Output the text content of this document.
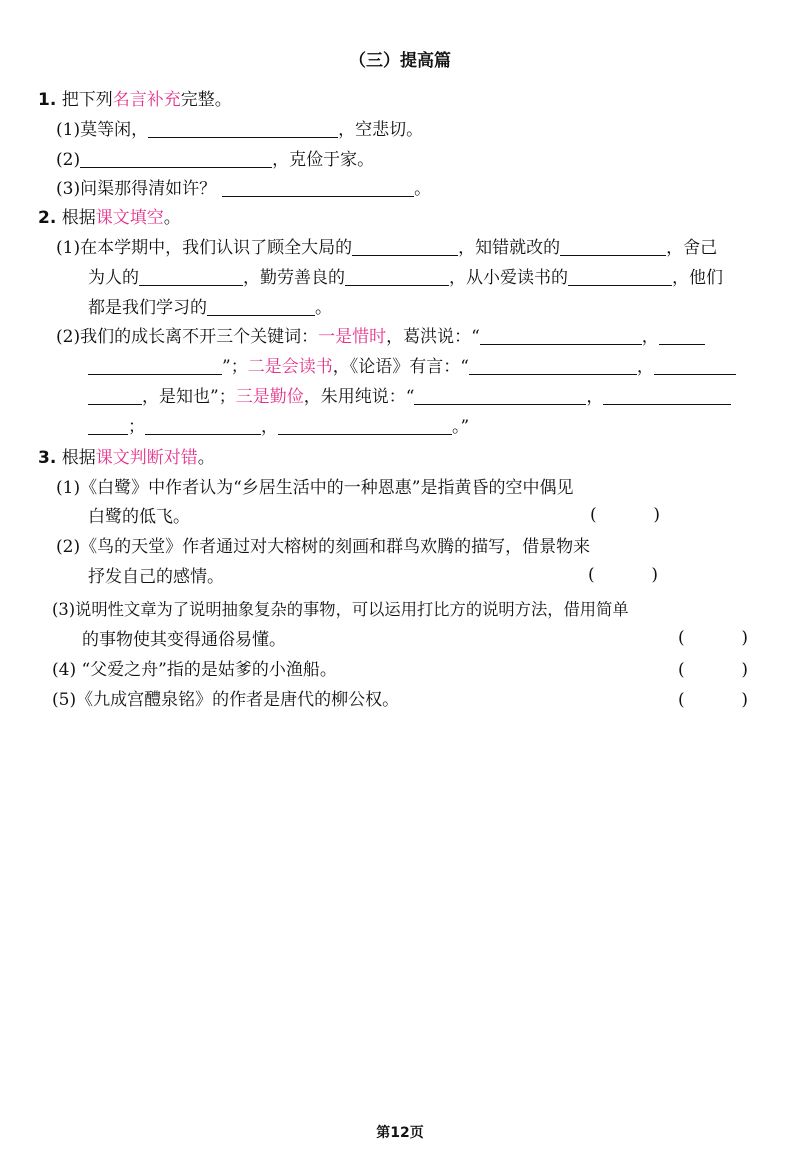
（三）提高篇
1. 把下列名言补充完整。
(1)莫等闲，	，空悲切。
(2)	，克俭于家。
(3)问渠那得清如许？	。
2. 根据课文填空。
(1)在本学期中，我们认识了顾全大局的	，知错就改的	，舍己
为人的	，勤劳善良的	，从小爱读书的	，他们
都是我们学习的	。
(2)我们的成长离不开三个关键词：一是惜时，葛洪说：“	，
”；二是会读书，《论语》有言：“	，
，是知也”；三是勤俭，朱用纯说：“	，
；	，	。”
3. 根据课文判断对错。
(1)《白鹭》中作者认为“乡居生活中的一种恩惠”是指黄昏的空中偶见
白鹭的低飞。	(	)
(2)《鸟的天堂》作者通过对大榕树的刻画和群鸟欢腾的描写，借景物来
抒发自己的感情。	(	)
(3)说明性文章为了说明抽象复杂的事物，可以运用打比方的说明方法，借用简单
的事物使其变得通俗易懂。	(	)
(4) “父爱之舟”指的是姑爹的小渔船。	(	)
(5)《九成宫醴泉铭》的作者是唐代的柳公权。	(	)
第12页
